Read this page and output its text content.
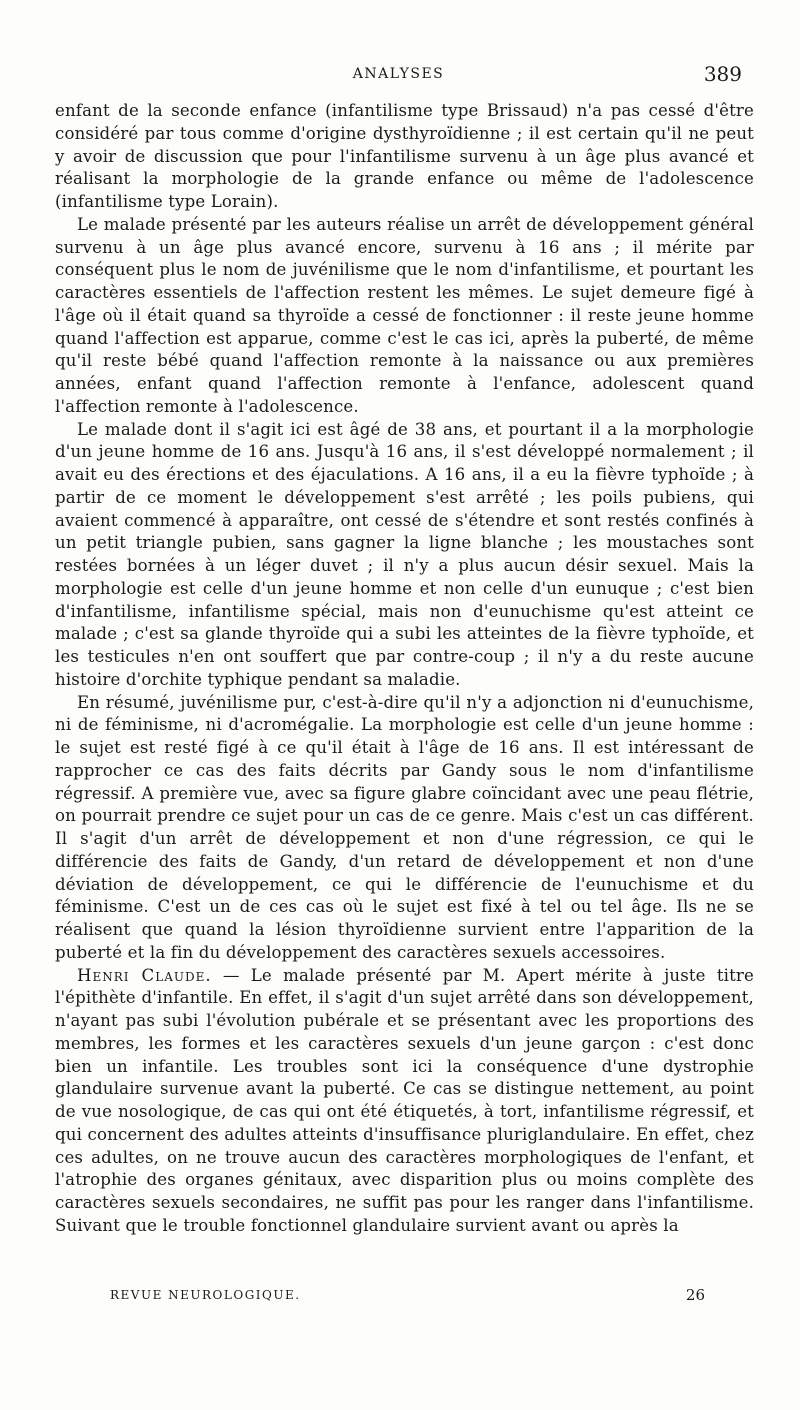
ANALYSES	389

enfant de la seconde enfance (infantilisme type Brissaud) n'a pas cessé d'être considéré par tous comme d'origine dysthyroïdienne ; il est certain qu'il ne peut y avoir de discussion que pour l'infantilisme survenu à un âge plus avancé et réalisant la morphologie de la grande enfance ou même de l'adolescence (infantilisme type Lorain).

Le malade présenté par les auteurs réalise un arrêt de développement général survenu à un âge plus avancé encore, survenu à 16 ans ; il mérite par conséquent plus le nom de juvénilisme que le nom d'infantilisme, et pourtant les caractères essentiels de l'affection restent les mêmes. Le sujet demeure figé à l'âge où il était quand sa thyroïde a cessé de fonctionner : il reste jeune homme quand l'affection est apparue, comme c'est le cas ici, après la puberté, de même qu'il reste bébé quand l'affection remonte à la naissance ou aux premières années, enfant quand l'affection remonte à l'enfance, adolescent quand l'affection remonte à l'adolescence.

Le malade dont il s'agit ici est âgé de 38 ans, et pourtant il a la morphologie d'un jeune homme de 16 ans. Jusqu'à 16 ans, il s'est développé normalement ; il avait eu des érections et des éjaculations. A 16 ans, il a eu la fièvre typhoïde ; à partir de ce moment le développement s'est arrêté ; les poils pubiens, qui avaient commencé à apparaître, ont cessé de s'étendre et sont restés confinés à un petit triangle pubien, sans gagner la ligne blanche ; les moustaches sont restées bornées à un léger duvet ; il n'y a plus aucun désir sexuel. Mais la morphologie est celle d'un jeune homme et non celle d'un eunuque ; c'est bien d'infantilisme, infantilisme spécial, mais non d'eunuchisme qu'est atteint ce malade ; c'est sa glande thyroïde qui a subi les atteintes de la fièvre typhoïde, et les testicules n'en ont souffert que par contre-coup ; il n'y a du reste aucune histoire d'orchite typhique pendant sa maladie.

En résumé, juvénilisme pur, c'est-à-dire qu'il n'y a adjonction ni d'eunuchisme, ni de féminisme, ni d'acromégalie. La morphologie est celle d'un jeune homme : le sujet est resté figé à ce qu'il était à l'âge de 16 ans. Il est intéressant de rapprocher ce cas des faits décrits par Gandy sous le nom d'infantilisme régressif. A première vue, avec sa figure glabre coïncidant avec une peau flétrie, on pourrait prendre ce sujet pour un cas de ce genre. Mais c'est un cas différent. Il s'agit d'un arrêt de développement et non d'une régression, ce qui le différencie des faits de Gandy, d'un retard de développement et non d'une déviation de développement, ce qui le différencie de l'eunuchisme et du féminisme. C'est un de ces cas où le sujet est fixé à tel ou tel âge. Ils ne se réalisent que quand la lésion thyroïdienne survient entre l'apparition de la puberté et la fin du développement des caractères sexuels accessoires.

Henri Claude. — Le malade présenté par M. Apert mérite à juste titre l'épithète d'infantile. En effet, il s'agit d'un sujet arrêté dans son développement, n'ayant pas subi l'évolution pubérale et se présentant avec les proportions des membres, les formes et les caractères sexuels d'un jeune garçon : c'est donc bien un infantile. Les troubles sont ici la conséquence d'une dystrophie glandulaire survenue avant la puberté. Ce cas se distingue nettement, au point de vue nosologique, de cas qui ont été étiquetés, à tort, infantilisme régressif, et qui concernent des adultes atteints d'insuffisance pluriglandulaire. En effet, chez ces adultes, on ne trouve aucun des caractères morphologiques de l'enfant, et l'atrophie des organes génitaux, avec disparition plus ou moins complète des caractères sexuels secondaires, ne suffit pas pour les ranger dans l'infantilisme. Suivant que le trouble fonctionnel glandulaire survient avant ou après la

REVUE NEUROLOGIQUE.	26
